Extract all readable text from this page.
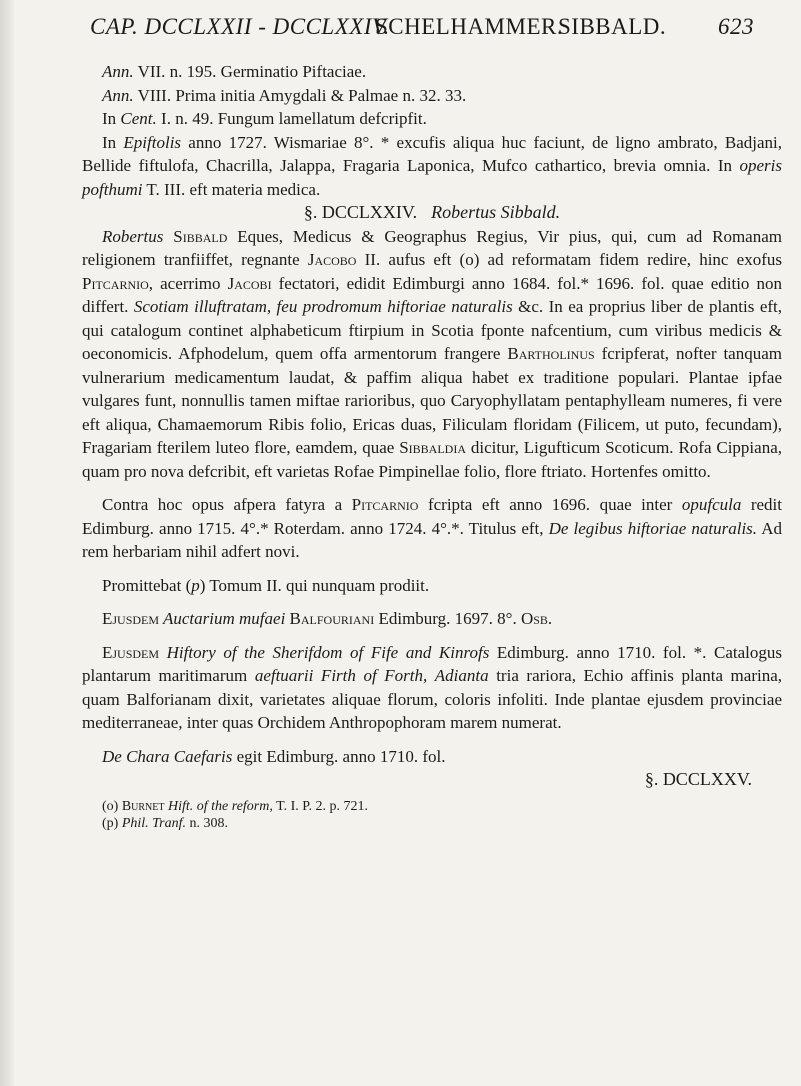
CAP. DCCLXXII - DCCLXXIV.
SCHELHAMMER.
SIBBALD. 623

Ann. VII. n. 195. Germinatio Piftaciae.

Ann. VIII. Prima initia Amygdali & Palmae n. 32. 33.

In Cent. I. n. 49. Fungum lamellatum defcripfit.

In Epiftolis anno 1727. Wismariae 8°. * excufis aliqua huc faciunt, de ligno ambrato, Badjani, Bellide fiftulofa, Chacrilla, Jalappa, Fragaria Laponica, Mufco cathartico, brevia omnia. In operis pofthumi T. III. eft materia medica.

§. DCCLXXIV. Robertus Sibbald.

Robertus Sibbald Eques, Medicus & Geographus Regius, Vir pius, qui, cum ad Romanam religionem tranfiiffet, regnante Jacobo II. aufus eft (o) ad reformatam fidem redire, hinc exofus Pitcarnio, acerrimo Jacobi fectatori, edidit Edimburgi anno 1684. fol.* 1696. fol. quae editio non differt. Scotiam illuftratam, feu prodromum hiftoriae naturalis &c. In ea proprius liber de plantis eft, qui catalogum continet alphabeticum ftirpium in Scotia fponte nafcentium, cum viribus medicis & oeconomicis. Afphodelum, quem offa armentorum frangere Bartholinus fcripferat, nofter tanquam vulnerarium medicamentum laudat, & paffim aliqua habet ex traditione populari. Plantae ipfae vulgares funt, nonnullis tamen miftae rarioribus, quo Caryophyllatam pentaphylleam numeres, fi vere eft aliqua, Chamaemorum Ribis folio, Ericas duas, Filiculam floridam (Filicem, ut puto, fecundam), Fragariam fterilem luteo flore, eamdem, quae Sibbaldia dicitur, Ligufticum Scoticum. Rofa Cippiana, quam pro nova defcribit, eft varietas Rofae Pimpinellae folio, flore ftriato. Hortenfes omitto.

Contra hoc opus afpera fatyra a Pitcarnio fcripta eft anno 1696. quae inter opufcula redit Edimburg. anno 1715. 4°.* Roterdam. anno 1724. 4°.*. Titulus eft, De legibus hiftoriae naturalis. Ad rem herbariam nihil adfert novi.

Promittebat (p) Tomum II. qui nunquam prodiit.

Ejusdem Auctarium mufaei Balfouriani Edimburg. 1697. 8°. Osb.

Ejusdem Hiftory of the Sherifdom of Fife and Kinrofs Edimburg. anno 1710. fol. *. Catalogus plantarum maritimarum aeftuarii Firth of Forth, Adianta tria rariora, Echio affinis planta marina, quam Balforianam dixit, varietates aliquae florum, coloris infoliti. Inde plantae ejusdem provinciae mediterraneae, inter quas Orchidem Anthropophoram marem numerat.

De Chara Caefaris egit Edimburg. anno 1710. fol.

§. DCCLXXV.

(o) Burnet Hift. of the reform, T. I. P. 2. p. 721.

(p) Phil. Tranf. n. 308.
